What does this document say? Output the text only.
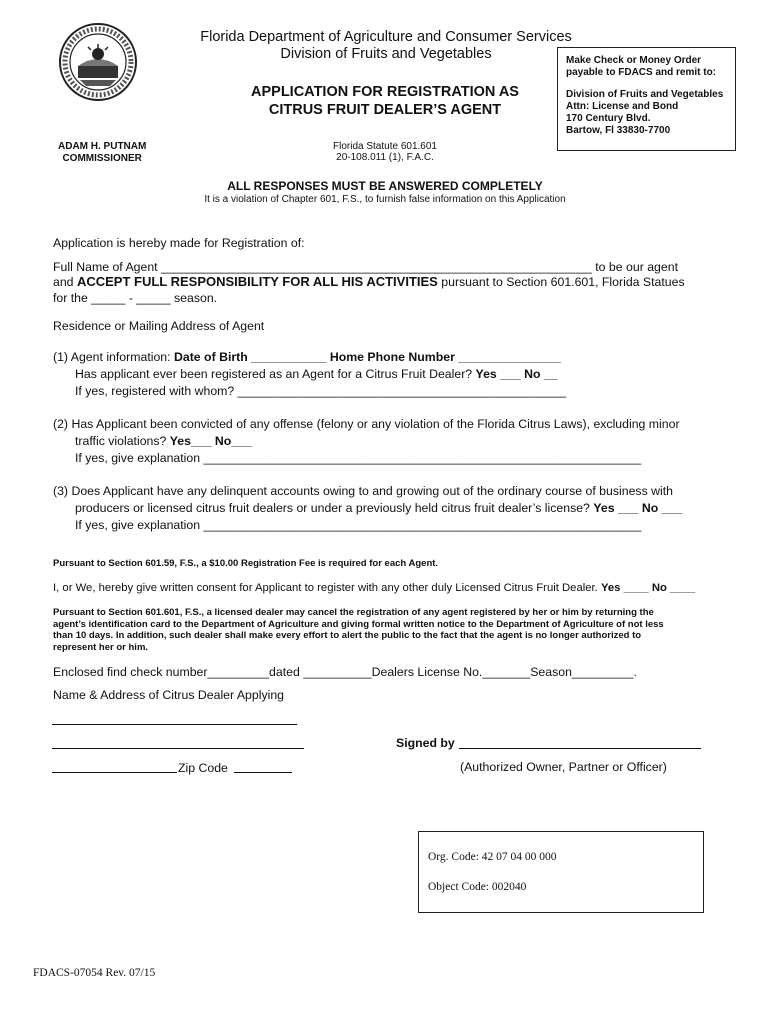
Florida Department of Agriculture and Consumer Services
Division of Fruits and Vegetables	Make Check or Money Order
payable to FDACS and remit to:
Division of Fruits and Vegetables
Attn: License and Bond
170 Century Blvd.
Bartow, Fl 33830-7700
APPLICATION FOR REGISTRATION AS
CITRUS FRUIT DEALER’S AGENT
ADAM H. PUTNAM
COMMISSIONER
Florida Statute 601.601
20-108.011 (1), F.A.C.
ALL RESPONSES MUST BE ANSWERED COMPLETELY
It is a violation of Chapter 601, F.S., to furnish false information on this Application
Application is hereby made for Registration of:
Full Name of Agent _______________________________________________________________ to be our agent
and ACCEPT FULL RESPONSIBILITY FOR ALL HIS ACTIVITIES pursuant to Section 601.601, Florida Statues
for the _____ - _____ season.
Residence or Mailing Address of Agent
(1) Agent information: Date of Birth ___________ Home Phone Number _______________
Has applicant ever been registered as an Agent for a Citrus Fruit Dealer? Yes ___ No __
If yes, registered with whom? ________________________________________________
(2) Has Applicant been convicted of any offense (felony or any violation of the Florida Citrus Laws), excluding minor
traffic violations? Yes___ No___
If yes, give explanation ________________________________________________________________
(3) Does Applicant have any delinquent accounts owing to and growing out of the ordinary course of business with
producers or licensed citrus fruit dealers or under a previously held citrus fruit dealer’s license? Yes ___ No ___
If yes, give explanation ________________________________________________________________
Pursuant to Section 601.59, F.S., a $10.00 Registration Fee is required for each Agent.
I, or We, hereby give written consent for Applicant to register with any other duly Licensed Citrus Fruit Dealer. Yes ____ No ____
Pursuant to Section 601.601, F.S., a licensed dealer may cancel the registration of any agent registered by her or him by returning the
agent’s identification card to the Department of Agriculture and giving formal written notice to the Department of Agriculture of not less
than 10 days. In addition, such dealer shall make every effort to alert the public to the fact that the agent is no longer authorized to
represent her or him.
Enclosed find check number_________dated __________Dealers License No._______Season_________.
Name & Address of Citrus Dealer Applying
Zip Code
Signed by
(Authorized Owner, Partner or Officer)
Org. Code: 42 07 04 00 000
Object Code: 002040
FDACS-07054 Rev. 07/15
